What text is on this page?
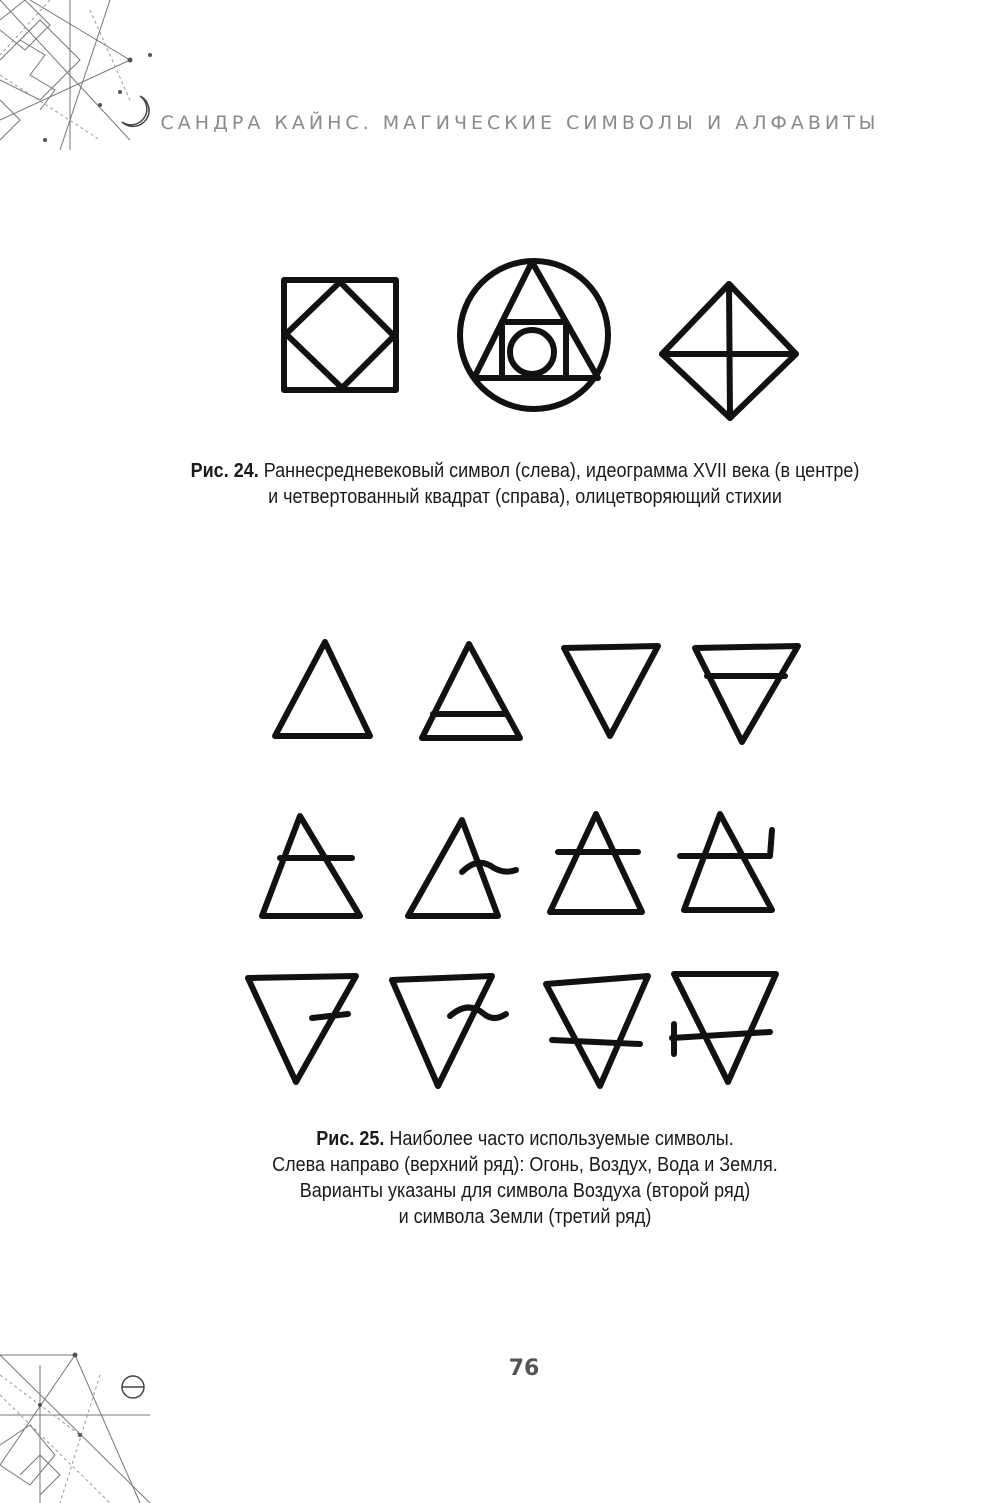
САНДРА КАЙНС. МАГИЧЕСКИЕ СИМВОЛЫ И АЛФАВИТЫ
Рис. 24. Раннесредневековый символ (слева), идеограмма XVII века (в центре)
и четвертованный квадрат (справа), олицетворяющий стихии
Рис. 25. Наиболее часто используемые символы.
Слева направо (верхний ряд): Огонь, Воздух, Вода и Земля.
Варианты указаны для символа Воздуха (второй ряд)
и символа Земли (третий ряд)
76
